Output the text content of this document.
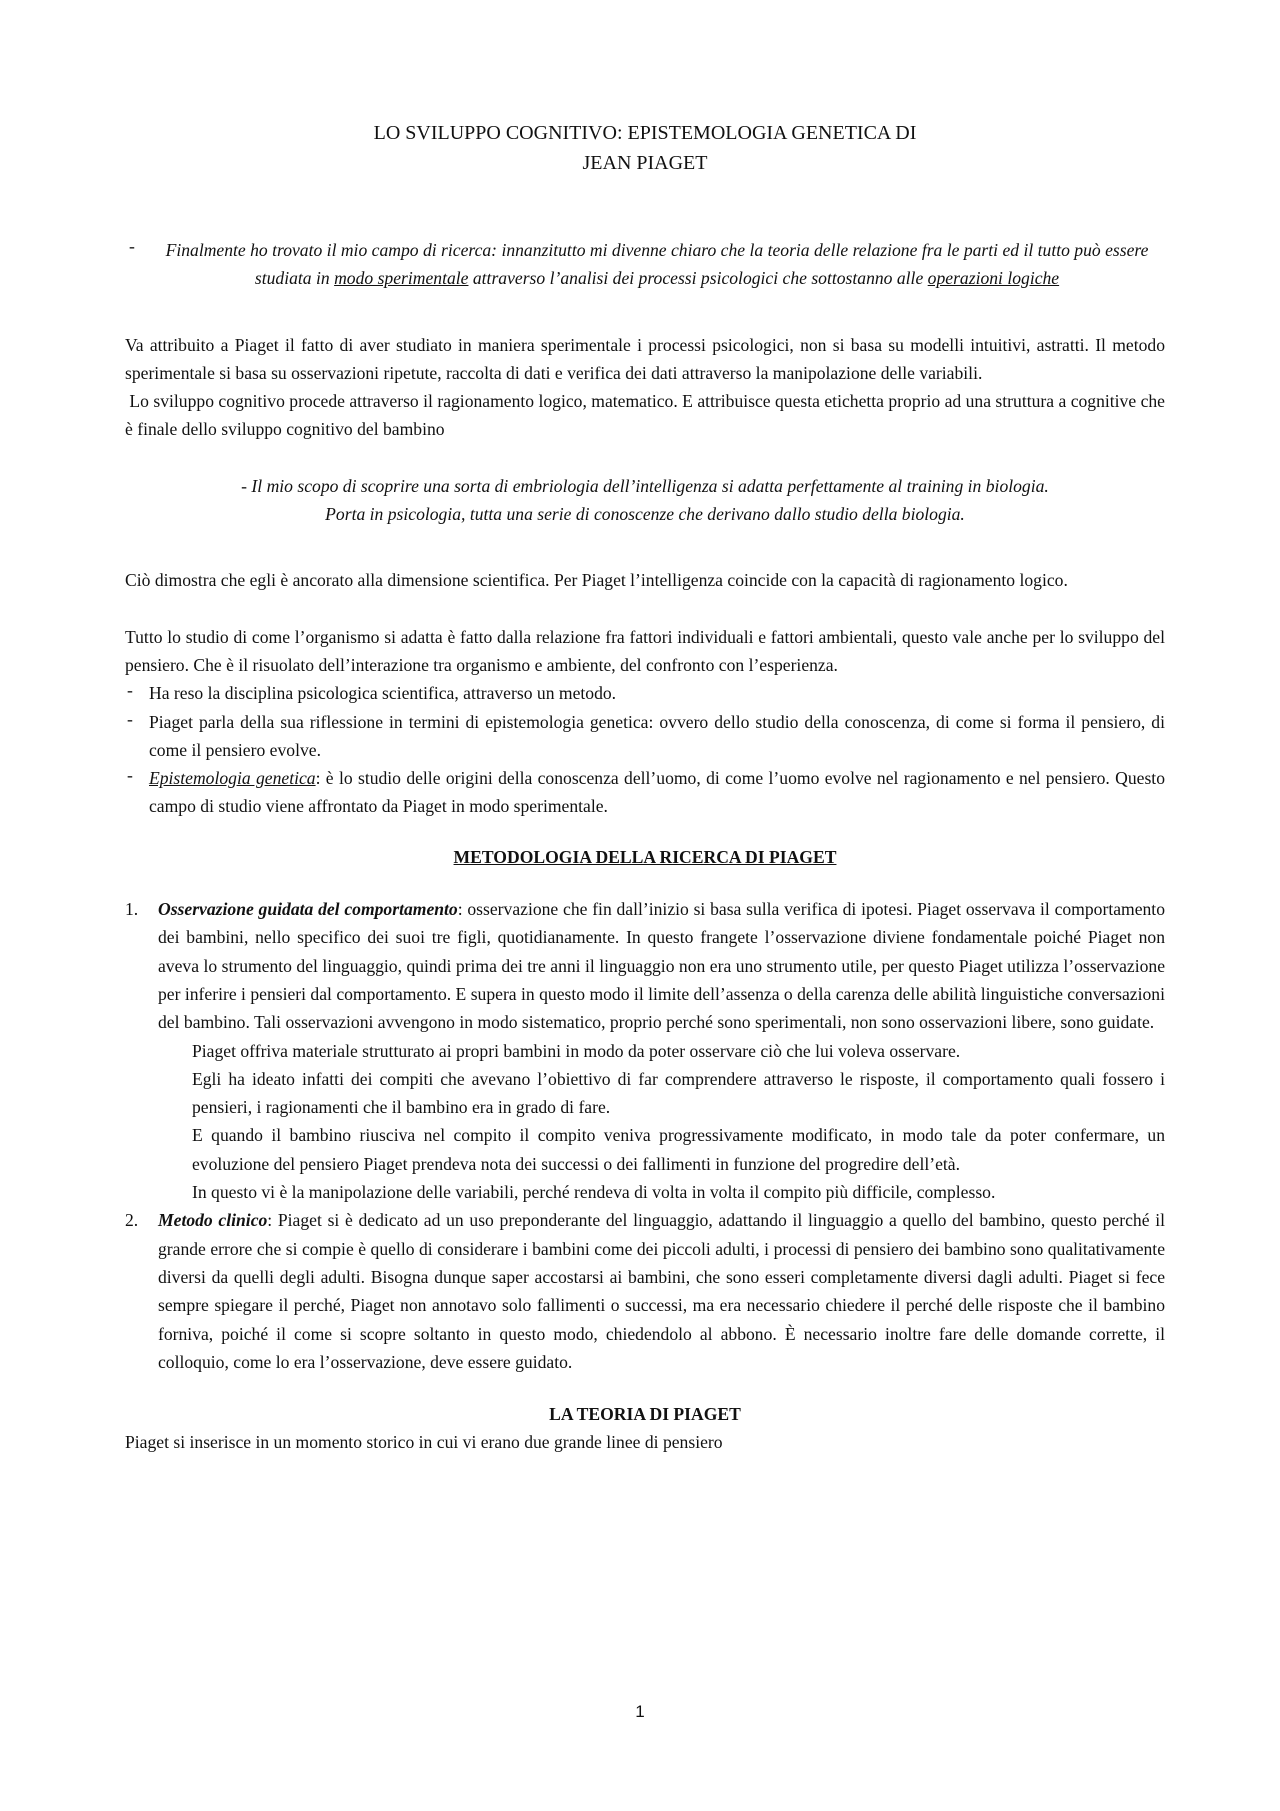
LO SVILUPPO COGNITIVO: EPISTEMOLOGIA GENETICA DI
JEAN PIAGET

- Finalmente ho trovato il mio campo di ricerca: innanzitutto mi divenne chiaro che la teoria delle relazione fra le parti ed il tutto può essere studiata in modo sperimentale attraverso l’analisi dei processi psicologici che sottostanno alle operazioni logiche

Va attribuito a Piaget il fatto di aver studiato in maniera sperimentale i processi psicologici, non si basa su modelli intuitivi, astratti. Il metodo sperimentale si basa su osservazioni ripetute, raccolta di dati e verifica dei dati attraverso la manipolazione delle variabili.

Lo sviluppo cognitivo procede attraverso il ragionamento logico, matematico. E attribuisce questa etichetta proprio ad una struttura a cognitive che è finale dello sviluppo cognitivo del bambino

- Il mio scopo di scoprire una sorta di embriologia dell’intelligenza si adatta perfettamente al training in biologia.

Porta in psicologia, tutta una serie di conoscenze che derivano dallo studio della biologia.

Ciò dimostra che egli è ancorato alla dimensione scientifica. Per Piaget l’intelligenza coincide con la capacità di ragionamento logico.

Tutto lo studio di come l’organismo si adatta è fatto dalla relazione fra fattori individuali e fattori ambientali, questo vale anche per lo sviluppo del pensiero. Che è il risuolato dell’interazione tra organismo e ambiente, del confronto con l’esperienza.

- Ha reso la disciplina psicologica scientifica, attraverso un metodo.
- Piaget parla della sua riflessione in termini di epistemologia genetica: ovvero dello studio della conoscenza, di come si forma il pensiero, di come il pensiero evolve.
- Epistemologia genetica: è lo studio delle origini della conoscenza dell’uomo, di come l’uomo evolve nel ragionamento e nel pensiero. Questo campo di studio viene affrontato da Piaget in modo sperimentale.

METODOLOGIA DELLA RICERCA DI PIAGET

1. Osservazione guidata del comportamento: osservazione che fin dall’inizio si basa sulla verifica di ipotesi. Piaget osservava il comportamento dei bambini, nello specifico dei suoi tre figli, quotidianamente. In questo frangete l’osservazione diviene fondamentale poiché Piaget non aveva lo strumento del linguaggio, quindi prima dei tre anni il linguaggio non era uno strumento utile, per questo Piaget utilizza l’osservazione per inferire i pensieri dal comportamento. E supera in questo modo il limite dell’assenza o della carenza delle abilità linguistiche conversazioni del bambino. Tali osservazioni avvengono in modo sistematico, proprio perché sono sperimentali, non sono osservazioni libere, sono guidate.

Piaget offriva materiale strutturato ai propri bambini in modo da poter osservare ciò che lui voleva osservare.

Egli ha ideato infatti dei compiti che avevano l’obiettivo di far comprendere attraverso le risposte, il comportamento quali fossero i pensieri, i ragionamenti che il bambino era in grado di fare.

E quando il bambino riusciva nel compito il compito veniva progressivamente modificato, in modo tale da poter confermare, un evoluzione del pensiero Piaget prendeva nota dei successi o dei fallimenti in funzione del progredire dell’età.

In questo vi è la manipolazione delle variabili, perché rendeva di volta in volta il compito più difficile, complesso.

2. Metodo clinico: Piaget si è dedicato ad un uso preponderante del linguaggio, adattando il linguaggio a quello del bambino, questo perché il grande errore che si compie è quello di considerare i bambini come dei piccoli adulti, i processi di pensiero dei bambino sono qualitativamente diversi da quelli degli adulti. Bisogna dunque saper accostarsi ai bambini, che sono esseri completamente diversi dagli adulti. Piaget si fece sempre spiegare il perché, Piaget non annotavo solo fallimenti o successi, ma era necessario chiedere il perché delle risposte che il bambino forniva, poiché il come si scopre soltanto in questo modo, chiedendolo al abbono. È necessario inoltre fare delle domande corrette, il colloquio, come lo era l’osservazione, deve essere guidato.

LA TEORIA DI PIAGET

Piaget si inserisce in un momento storico in cui vi erano due grande linee di pensiero

1
